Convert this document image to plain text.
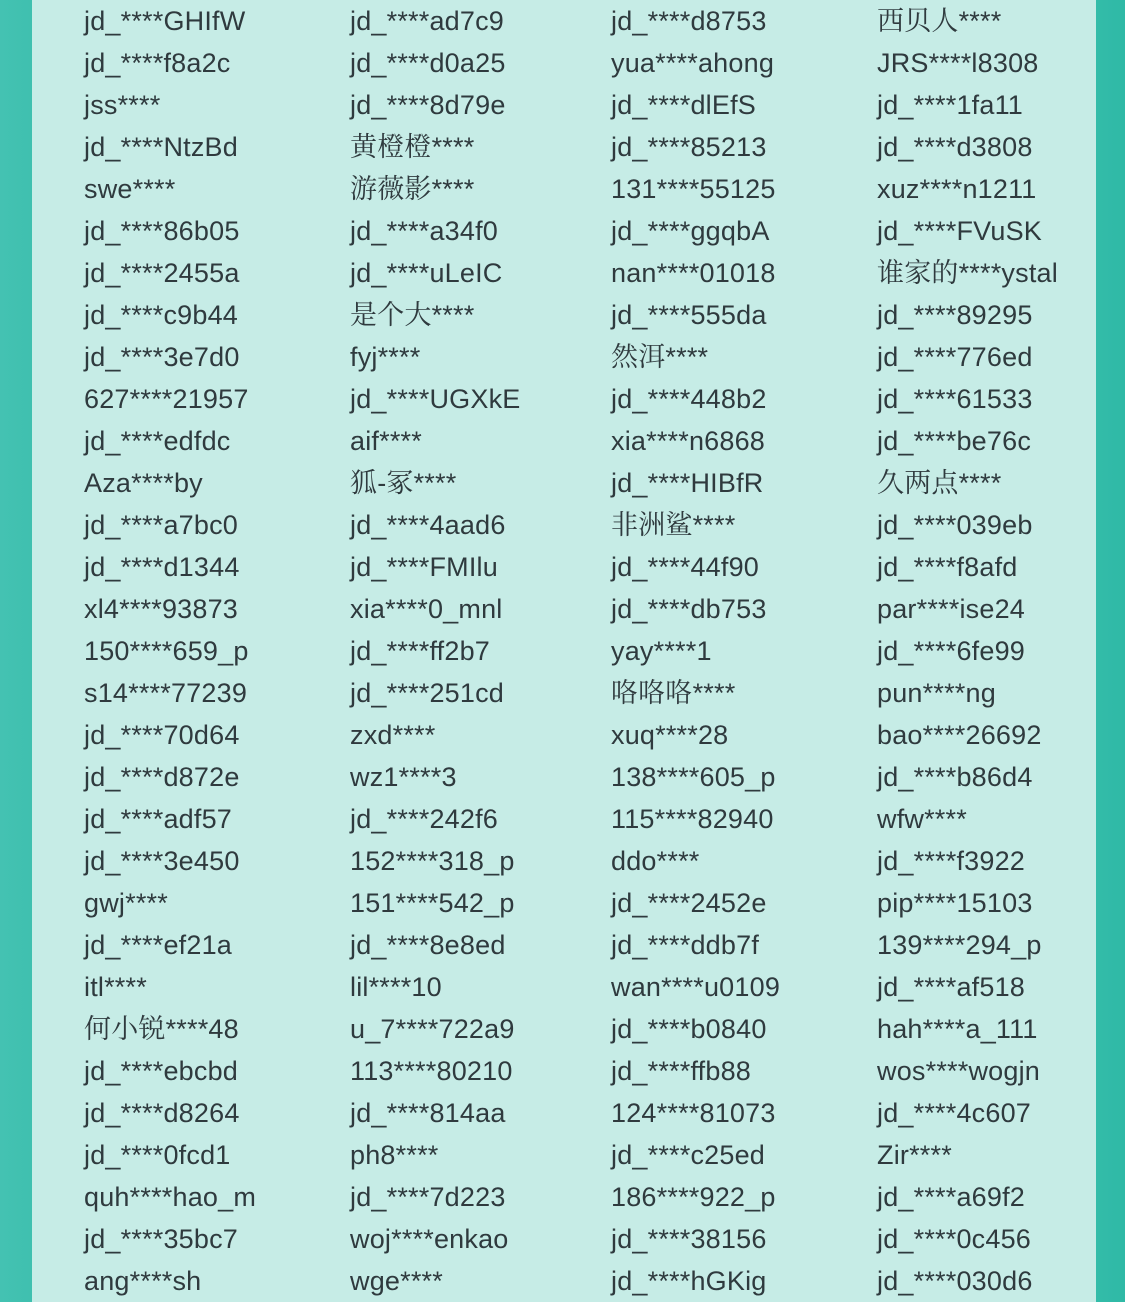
jd_****GHIfW	jd_****ad7c9	jd_****d8753	西贝人****
jd_****f8a2c	jd_****d0a25	yua****ahong	JRS****l8308
jss****	jd_****8d79e	jd_****dlEfS	jd_****1fa11
jd_****NtzBd	黄橙橙****	jd_****85213	jd_****d3808
swe****	游薇影****	131****55125	xuz****n1211
jd_****86b05	jd_****a34f0	jd_****ggqbA	jd_****FVuSK
jd_****2455a	jd_****uLeIC	nan****01018	谁家的****ystal
jd_****c9b44	是个大****	jd_****555da	jd_****89295
jd_****3e7d0	fyj****	然洱****	jd_****776ed
627****21957	jd_****UGXkE	jd_****448b2	jd_****61533
jd_****edfdc	aif****	xia****n6868	jd_****be76c
Aza****by	狐-冢****	jd_****HIBfR	久两点****
jd_****a7bc0	jd_****4aad6	非洲鲨****	jd_****039eb
jd_****d1344	jd_****FMIlu	jd_****44f90	jd_****f8afd
xl4****93873	xia****0_mnl	jd_****db753	par****ise24
150****659_p	jd_****ff2b7	yay****1	jd_****6fe99
s14****77239	jd_****251cd	咯咯咯****	pun****ng
jd_****70d64	zxd****	xuq****28	bao****26692
jd_****d872e	wz1****3	138****605_p	jd_****b86d4
jd_****adf57	jd_****242f6	115****82940	wfw****
jd_****3e450	152****318_p	ddo****	jd_****f3922
gwj****	151****542_p	jd_****2452e	pip****15103
jd_****ef21a	jd_****8e8ed	jd_****ddb7f	139****294_p
itl****	lil****10	wan****u0109	jd_****af518
何小锐****48	u_7****722a9	jd_****b0840	hah****a_111
jd_****ebcbd	113****80210	jd_****ffb88	wos****wogjn
jd_****d8264	jd_****814aa	124****81073	jd_****4c607
jd_****0fcd1	ph8****	jd_****c25ed	Zir****
quh****hao_m	jd_****7d223	186****922_p	jd_****a69f2
jd_****35bc7	woj****enkao	jd_****38156	jd_****0c456
ang****sh	wge****	jd_****hGKig	jd_****030d6
